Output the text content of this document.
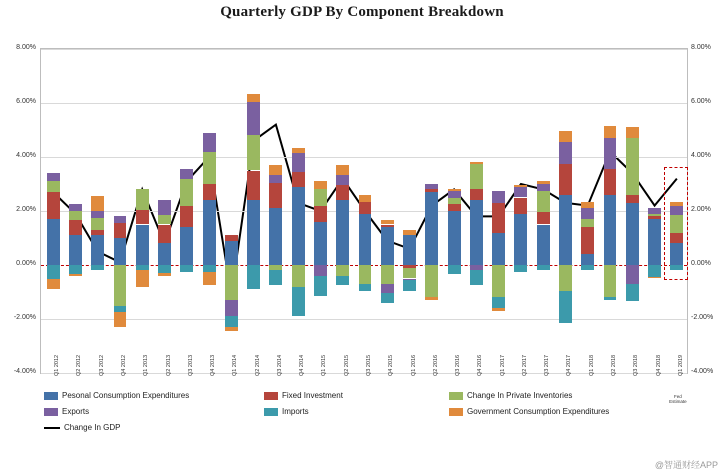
Quarterly GDP By Component Breakdown
Fed
Estimate
Pesonal Consumption Expenditures	Fixed Investment	Change In Private Inventories
Exports	Imports	Government Consumption Expenditures
Change In GDP
@智通财经APP
8.00%	8.00%
6.00%	6.00%
4.00%	4.00%
2.00%	2.00%
0.00%	0.00%
-2.00%	-2.00%
-4.00%	-4.00%
Q1 2012	Q2 2012	Q3 2012	Q4 2012	Q1 2013	Q2 2013	Q3 2013	Q4 2013	Q1 2014	Q2 2014	Q3 2014	Q4 2014	Q1 2015	Q2 2015	Q3 2015	Q4 2015	Q1 2016	Q2 2016	Q3 2016	Q4 2016	Q1 2017	Q2 2017	Q3 2017	Q4 2017	Q1 2018	Q2 2018	Q3 2018	Q4 2018	Q1 2019
